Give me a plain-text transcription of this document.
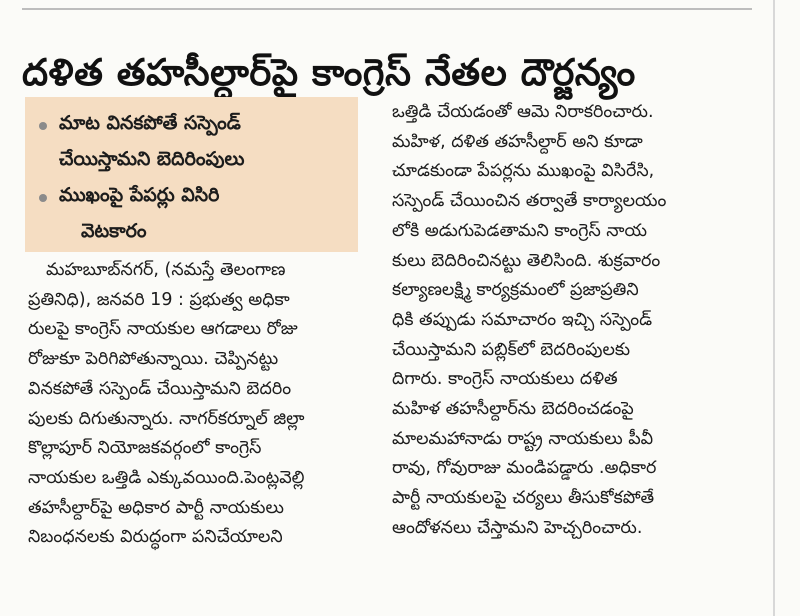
దళిత తహసీల్దార్‌పై కాంగ్రెస్ నేతల దౌర్జన్యం
మాట వినకపోతే సస్పెండ్
చేయిస్తామని బెదిరింపులు
ముఖంపై పేపర్లు విసిరి
వెటకారం

మహబూబ్‌నగర్, (నమస్తే తెలంగాణ

ప్రతినిధి), జనవరి 19 : ప్రభుత్వ అధికా

రులపై కాంగ్రెస్ నాయకుల ఆగడాలు రోజు

రోజుకూ పెరిగిపోతున్నాయి. చెప్పినట్టు

వినకపోతే సస్పెండ్ చేయిస్తామని బెదరిం

పులకు దిగుతున్నారు. నాగర్‌కర్నూల్ జిల్లా

కొల్లాపూర్ నియోజకవర్గంలో కాంగ్రెస్

నాయకుల ఒత్తిడి ఎక్కువయింది.పెంట్లవెల్లి

తహసీల్దార్‌పై అధికార పార్టీ నాయకులు

నిబంధనలకు విరుద్ధంగా పనిచేయాలని

ఒత్తిడి చేయడంతో ఆమె నిరాకరించారు.

మహిళ, దళిత తహసీల్దార్ అని కూడా

చూడకుండా పేపర్లను ముఖంపై విసిరేసి,

సస్పెండ్ చేయించిన తర్వాతే కార్యాలయం

లోకి అడుగుపెడతామని కాంగ్రెస్ నాయ

కులు బెదిరించినట్టు తెలిసింది. శుక్రవారం

కల్యాణలక్ష్మి కార్యక్రమంలో ప్రజాప్రతిని

ధికి తప్పుడు సమాచారం ఇచ్చి సస్పెండ్

చేయిస్తామని పబ్లిక్‌లో బెదరింపులకు

దిగారు. కాంగ్రెస్ నాయకులు దళిత

మహిళ తహసీల్దార్‌ను బెదరించడంపై

మాలమహానాడు రాష్ట్ర నాయకులు పీవీ

రావు, గోవురాజు మండిపడ్డారు .అధికార

పార్టీ నాయకులపై చర్యలు తీసుకోకపోతే

ఆందోళనలు చేస్తామని హెచ్చరించారు.
